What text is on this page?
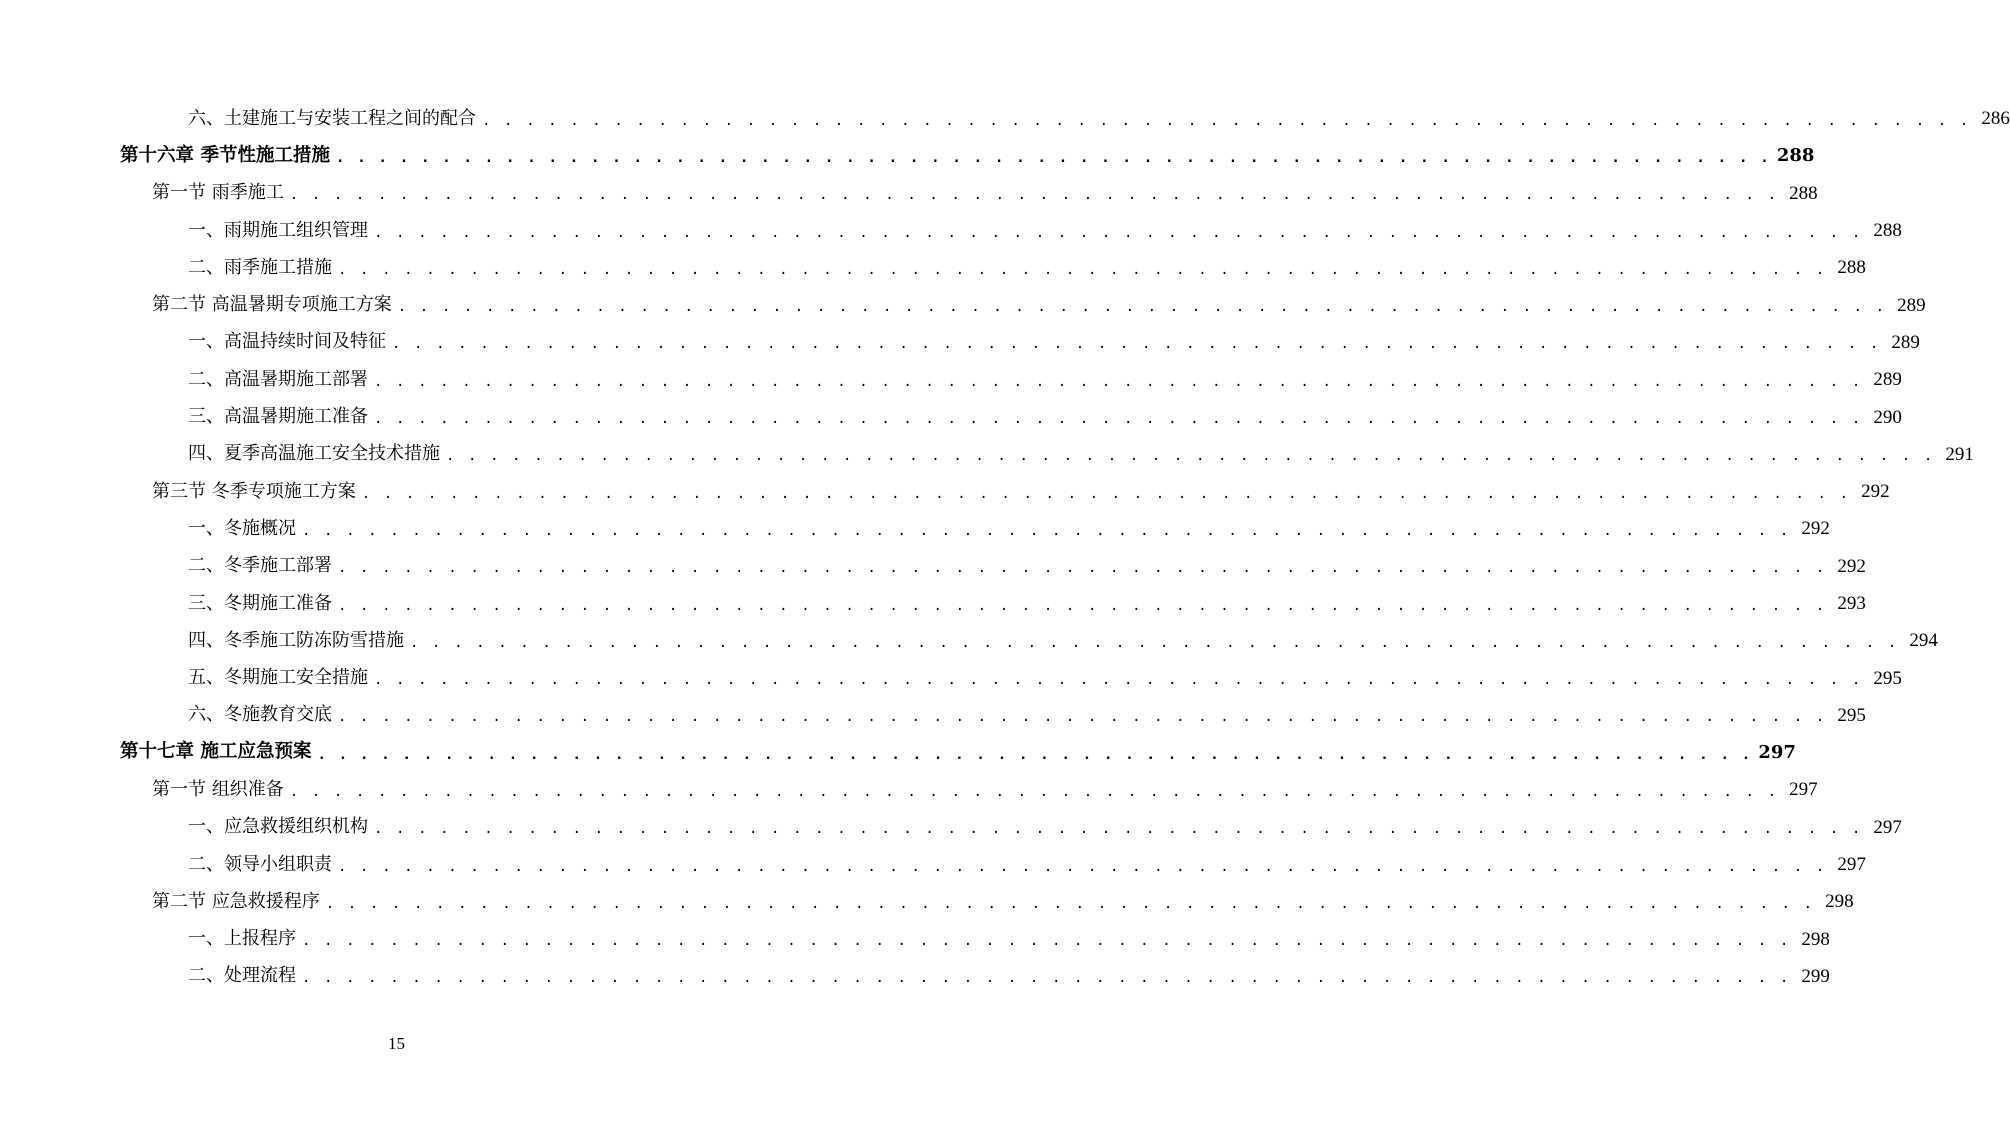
六、土建施工与安装工程之间的配合 . . . . . . . . . . . . . . . . . . . . . . . . . . . . . . . . . . . . . . . . . . . . . . . . . . . . . . . . . . . . . . . . . . . . 286
第十六章 季节性施工措施 . . . . . . . . . . . . . . . . . . . . . . . . . . . . . . . . . . . . . . . . . . . . . . . . . . . . . . . . . . . . . . . . . . . . 288
第一节 雨季施工 . . . . . . . . . . . . . . . . . . . . . . . . . . . . . . . . . . . . . . . . . . . . . . . . . . . . . . . . . . . . . . . . . . . . 288
一、雨期施工组织管理 . . . . . . . . . . . . . . . . . . . . . . . . . . . . . . . . . . . . . . . . . . . . . . . . . . . . . . . . . . . . . . . . . . . . 288
二、雨季施工措施 . . . . . . . . . . . . . . . . . . . . . . . . . . . . . . . . . . . . . . . . . . . . . . . . . . . . . . . . . . . . . . . . . . . . 288
第二节 高温暑期专项施工方案 . . . . . . . . . . . . . . . . . . . . . . . . . . . . . . . . . . . . . . . . . . . . . . . . . . . . . . . . . . . . . . . . . . . . 289
一、高温持续时间及特征 . . . . . . . . . . . . . . . . . . . . . . . . . . . . . . . . . . . . . . . . . . . . . . . . . . . . . . . . . . . . . . . . . . . . 289
二、高温暑期施工部署 . . . . . . . . . . . . . . . . . . . . . . . . . . . . . . . . . . . . . . . . . . . . . . . . . . . . . . . . . . . . . . . . . . . . 289
三、高温暑期施工准备 . . . . . . . . . . . . . . . . . . . . . . . . . . . . . . . . . . . . . . . . . . . . . . . . . . . . . . . . . . . . . . . . . . . . 290
四、夏季高温施工安全技术措施 . . . . . . . . . . . . . . . . . . . . . . . . . . . . . . . . . . . . . . . . . . . . . . . . . . . . . . . . . . . . . . . . . . . . 291
第三节 冬季专项施工方案 . . . . . . . . . . . . . . . . . . . . . . . . . . . . . . . . . . . . . . . . . . . . . . . . . . . . . . . . . . . . . . . . . . . . 292
一、冬施概况 . . . . . . . . . . . . . . . . . . . . . . . . . . . . . . . . . . . . . . . . . . . . . . . . . . . . . . . . . . . . . . . . . . . . 292
二、冬季施工部署 . . . . . . . . . . . . . . . . . . . . . . . . . . . . . . . . . . . . . . . . . . . . . . . . . . . . . . . . . . . . . . . . . . . . 292
三、冬期施工准备 . . . . . . . . . . . . . . . . . . . . . . . . . . . . . . . . . . . . . . . . . . . . . . . . . . . . . . . . . . . . . . . . . . . . 293
四、冬季施工防冻防雪措施 . . . . . . . . . . . . . . . . . . . . . . . . . . . . . . . . . . . . . . . . . . . . . . . . . . . . . . . . . . . . . . . . . . . . 294
五、冬期施工安全措施 . . . . . . . . . . . . . . . . . . . . . . . . . . . . . . . . . . . . . . . . . . . . . . . . . . . . . . . . . . . . . . . . . . . . 295
六、冬施教育交底 . . . . . . . . . . . . . . . . . . . . . . . . . . . . . . . . . . . . . . . . . . . . . . . . . . . . . . . . . . . . . . . . . . . . 295
第十七章 施工应急预案 . . . . . . . . . . . . . . . . . . . . . . . . . . . . . . . . . . . . . . . . . . . . . . . . . . . . . . . . . . . . . . . . . . . . 297
第一节 组织准备 . . . . . . . . . . . . . . . . . . . . . . . . . . . . . . . . . . . . . . . . . . . . . . . . . . . . . . . . . . . . . . . . . . . . 297
一、应急救援组织机构 . . . . . . . . . . . . . . . . . . . . . . . . . . . . . . . . . . . . . . . . . . . . . . . . . . . . . . . . . . . . . . . . . . . . 297
二、领导小组职责 . . . . . . . . . . . . . . . . . . . . . . . . . . . . . . . . . . . . . . . . . . . . . . . . . . . . . . . . . . . . . . . . . . . . 297
第二节 应急救援程序 . . . . . . . . . . . . . . . . . . . . . . . . . . . . . . . . . . . . . . . . . . . . . . . . . . . . . . . . . . . . . . . . . . . . 298
一、上报程序 . . . . . . . . . . . . . . . . . . . . . . . . . . . . . . . . . . . . . . . . . . . . . . . . . . . . . . . . . . . . . . . . . . . . 298
二、处理流程 . . . . . . . . . . . . . . . . . . . . . . . . . . . . . . . . . . . . . . . . . . . . . . . . . . . . . . . . . . . . . . . . . . . . 299
15
